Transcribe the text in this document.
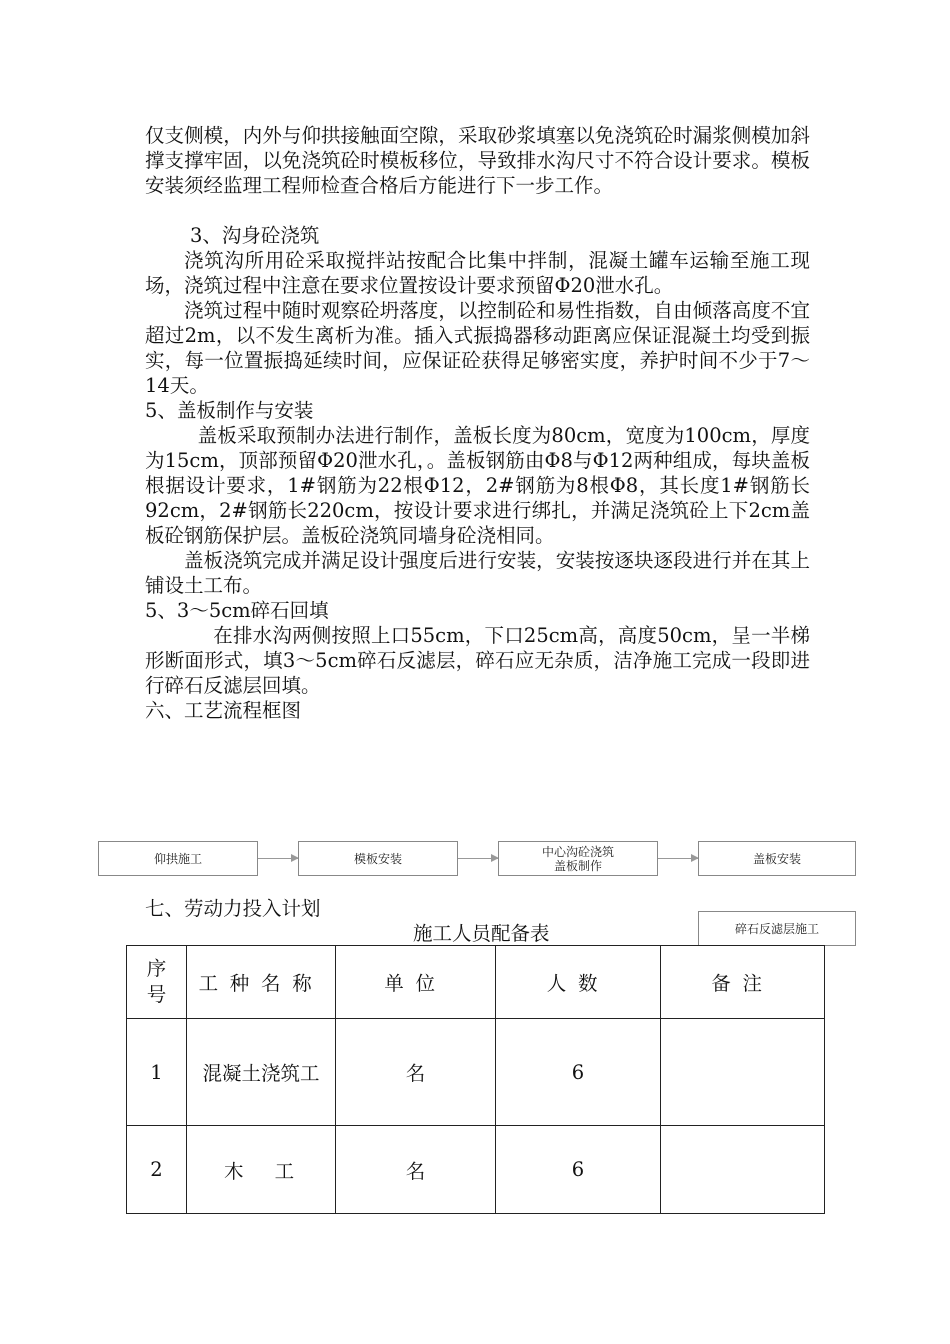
仅支侧模，内外与仰拱接触面空隙，采取砂浆填塞以免浇筑砼时漏浆侧模加斜撑支撑牢固，以免浇筑砼时模板移位，导致排水沟尺寸不符合设计要求。模板安装须经监理工程师检查合格后方能进行下一步工作。

3、沟身砼浇筑

浇筑沟所用砼采取搅拌站按配合比集中拌制，混凝土罐车运输至施工现场，浇筑过程中注意在要求位置按设计要求预留Φ20泄水孔。

浇筑过程中随时观察砼坍落度，以控制砼和易性指数，自由倾落高度不宜超过2m，以不发生离析为准。插入式振捣器移动距离应保证混凝土均受到振实，每一位置振捣延续时间，应保证砼获得足够密实度，养护时间不少于7～14天。

5、盖板制作与安装

盖板采取预制办法进行制作，盖板长度为80cm，宽度为100cm，厚度为15cm，顶部预留Φ20泄水孔，。盖板钢筋由Φ8与Φ12两种组成，每块盖板根据设计要求，1#钢筋为22根Φ12，2#钢筋为8根Φ8，其长度1#钢筋长92cm，2#钢筋长220cm，按设计要求进行绑扎，并满足浇筑砼上下2cm盖板砼钢筋保护层。盖板砼浇筑同墙身砼浇相同。

盖板浇筑完成并满足设计强度后进行安装，安装按逐块逐段进行并在其上铺设土工布。

5、3～5cm碎石回填

在排水沟两侧按照上口55cm，下口25cm高，高度50cm，呈一半梯形断面形式，填3～5cm碎石反滤层，碎石应无杂质，洁净施工完成一段即进行碎石反滤层回填。

六、工艺流程框图

仰拱施工	模板安装	中心沟砼浇筑
盖板制作	盖板安装
碎石反滤层施工

七、劳动力投入计划

施工人员配备表

序
号	工种名称	单位	人数	备注
1	混凝土浇筑工	名	6	
2	木工	名	6	
